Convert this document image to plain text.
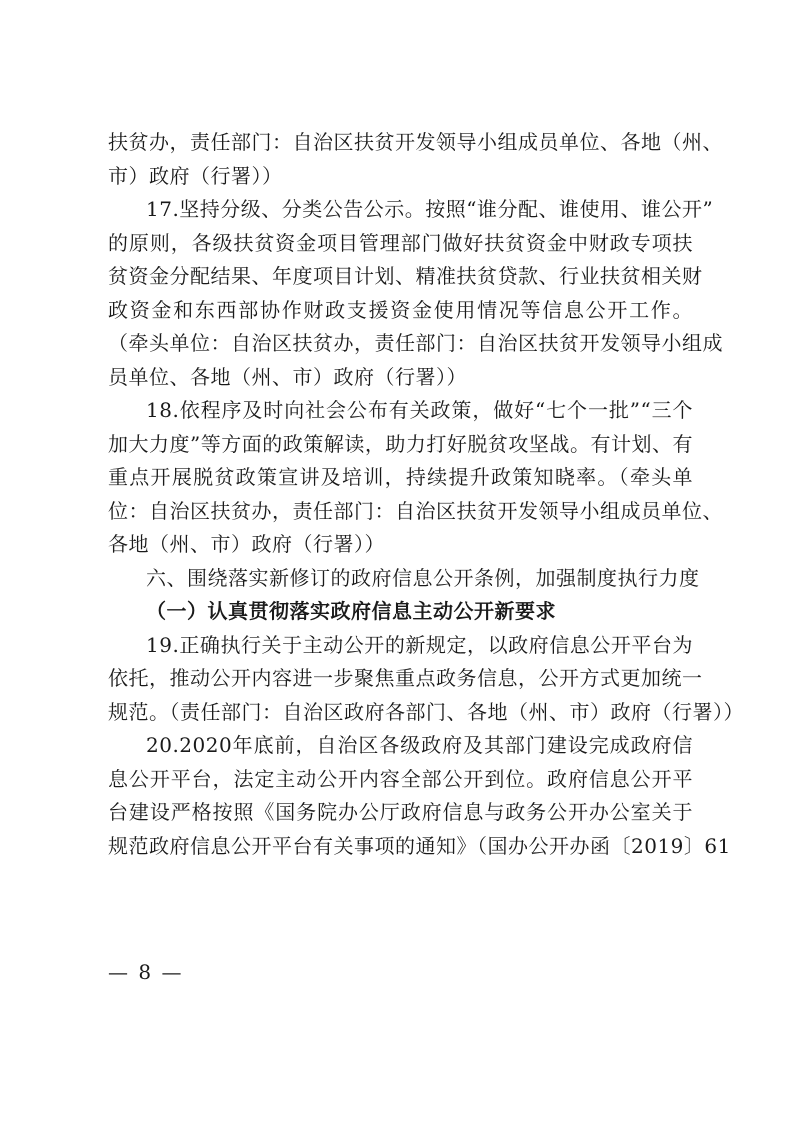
扶贫办，责任部门：自治区扶贫开发领导小组成员单位、各地（州、
市）政府（行署））
17.坚持分级、分类公告公示。按照“谁分配、谁使用、谁公开”
的原则，各级扶贫资金项目管理部门做好扶贫资金中财政专项扶
贫资金分配结果、年度项目计划、精准扶贫贷款、行业扶贫相关财
政资金和东西部协作财政支援资金使用情况等信息公开工作。
（牵头单位：自治区扶贫办，责任部门：自治区扶贫开发领导小组成
员单位、各地（州、市）政府（行署））
18.依程序及时向社会公布有关政策，做好“七个一批”“三个
加大力度”等方面的政策解读，助力打好脱贫攻坚战。有计划、有
重点开展脱贫政策宣讲及培训，持续提升政策知晓率。（牵头单
位：自治区扶贫办，责任部门：自治区扶贫开发领导小组成员单位、
各地（州、市）政府（行署））
六、围绕落实新修订的政府信息公开条例，加强制度执行力度
（一）认真贯彻落实政府信息主动公开新要求
19.正确执行关于主动公开的新规定，以政府信息公开平台为
依托，推动公开内容进一步聚焦重点政务信息，公开方式更加统一
规范。（责任部门：自治区政府各部门、各地（州、市）政府（行署））
20.2020年底前，自治区各级政府及其部门建设完成政府信
息公开平台，法定主动公开内容全部公开到位。政府信息公开平
台建设严格按照《国务院办公厅政府信息与政务公开办公室关于
规范政府信息公开平台有关事项的通知》（国办公开办函〔2019〕61
— 8 —
